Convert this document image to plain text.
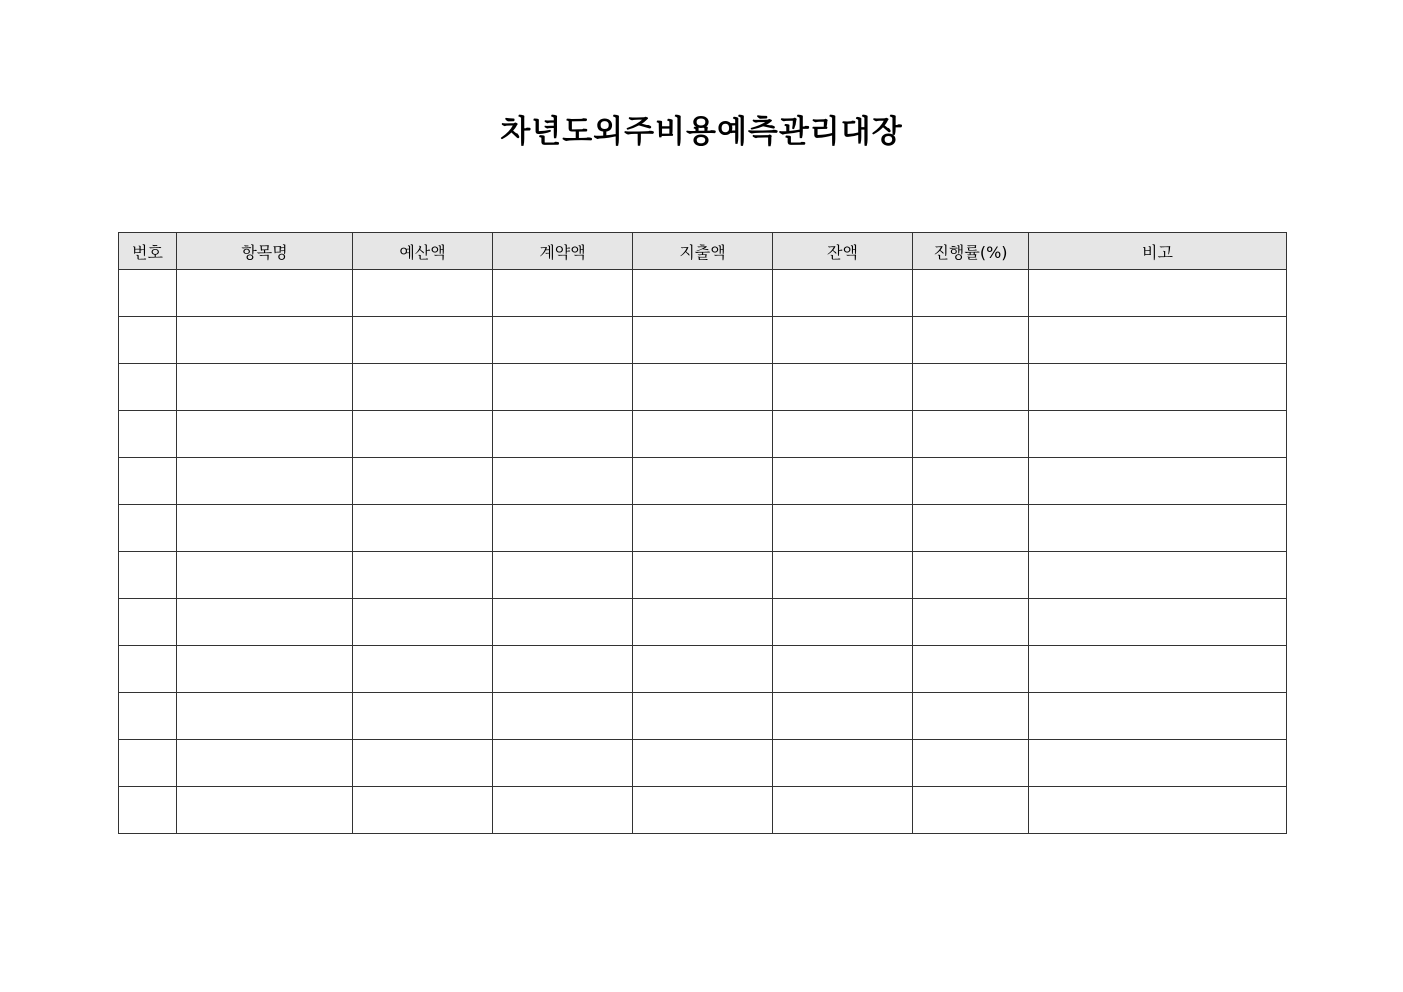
차년도외주비용예측관리대장
번호	항목명	예산액	계약액	지출액	잔액	진행률(%)	비고
